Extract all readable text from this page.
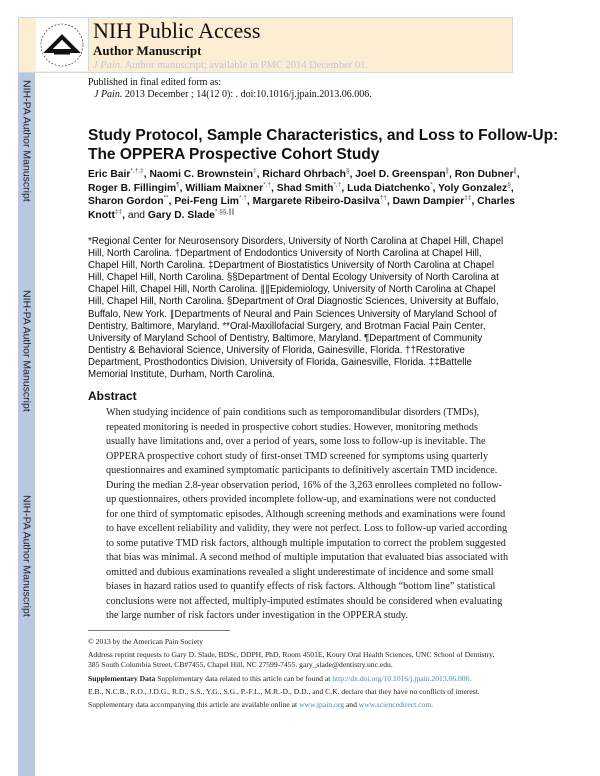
NIH-PA Author Manuscript
NIH-PA Author Manuscript
NIH-PA Author Manuscript
NIH Public Access
Author Manuscript
J Pain. Author manuscript; available in PMC 2014 December 01.
Published in final edited form as:
J Pain. 2013 December ; 14(12 0): . doi:10.1016/j.jpain.2013.06.006.
Study Protocol, Sample Characteristics, and Loss to Follow-Up:
The OPPERA Prospective Cohort Study
Eric Bair*,†,‡, Naomi C. Brownstein‡, Richard Ohrbach§, Joel D. Greenspan∥, Ron Dubner∥, Roger B. Fillingim¶, William Maixner*,†, Shad Smith*,†, Luda Diatchenko*, Yoly Gonzalez§, Sharon Gordon**, Pei-Feng Lim*,†, Margarete Ribeiro-Dasilva††, Dawn Dampier‡‡, Charles Knott‡‡, and Gary D. Slade*,§§,∥∥
*Regional Center for Neurosensory Disorders, University of North Carolina at Chapel Hill, Chapel
Hill, North Carolina. †Department of Endodontics University of North Carolina at Chapel Hill,
Chapel Hill, North Carolina. ‡Department of Biostatistics University of North Carolina at Chapel
Hill, Chapel Hill, North Carolina. §§Department of Dental Ecology University of North Carolina at
Chapel Hill, Chapel Hill, North Carolina. ∥∥Epidemiology, University of North Carolina at Chapel
Hill, Chapel Hill, North Carolina. §Department of Oral Diagnostic Sciences, University at Buffalo,
Buffalo, New York. ∥Departments of Neural and Pain Sciences University of Maryland School of
Dentistry, Baltimore, Maryland. **Oral-Maxillofacial Surgery, and Brotman Facial Pain Center,
University of Maryland School of Dentistry, Baltimore, Maryland. ¶Department of Community
Dentistry & Behavioral Science, University of Florida, Gainesville, Florida. ††Restorative
Department, Prosthodontics Division, University of Florida, Gainesville, Florida. ‡‡Battelle
Memorial Institute, Durham, North Carolina.
Abstract
When studying incidence of pain conditions such as temporomandibular disorders (TMDs),
repeated monitoring is needed in prospective cohort studies. However, monitoring methods
usually have limitations and, over a period of years, some loss to follow-up is inevitable. The
OPPERA prospective cohort study of first-onset TMD screened for symptoms using quarterly
questionnaires and examined symptomatic participants to definitively ascertain TMD incidence.
During the median 2.8-year observation period, 16% of the 3,263 enrollees completed no follow-
up questionnaires, others provided incomplete follow-up, and examinations were not conducted
for one third of symptomatic episodes. Although screening methods and examinations were found
to have excellent reliability and validity, they were not perfect. Loss to follow-up varied according
to some putative TMD risk factors, although multiple imputation to correct the problem suggested
that bias was minimal. A second method of multiple imputation that evaluated bias associated with
omitted and dubious examinations revealed a slight underestimate of incidence and some small
biases in hazard ratios used to quantify effects of risk factors. Although “bottom line” statistical
conclusions were not affected, multiply-imputed estimates should be considered when evaluating
the large number of risk factors under investigation in the OPPERA study.
© 2013 by the American Pain Society
Address reprint requests to Gary D. Slade, BDSc, DDPH, PhD, Room 4501E, Koury Oral Health Sciences, UNC School of Dentistry,
385 South Columbia Street, CB#7455, Chapel Hill, NC 27599-7455. gary_slade@dentistry.unc.edu.
Supplementary Data Supplementary data related to this article can be found at http://dx.doi.org/10.1016/j.jpain.2013.06.006.
E.B., N.C.B., R.O., J.D.G., R.D., S.S., Y.G., S.G., P.-F.L., M.R.-D., D.D., and C.K. declare that they have no conflicts of interest.
Supplementary data accompanying this article are available online at www.jpain.org and www.sciencedirect.com.
